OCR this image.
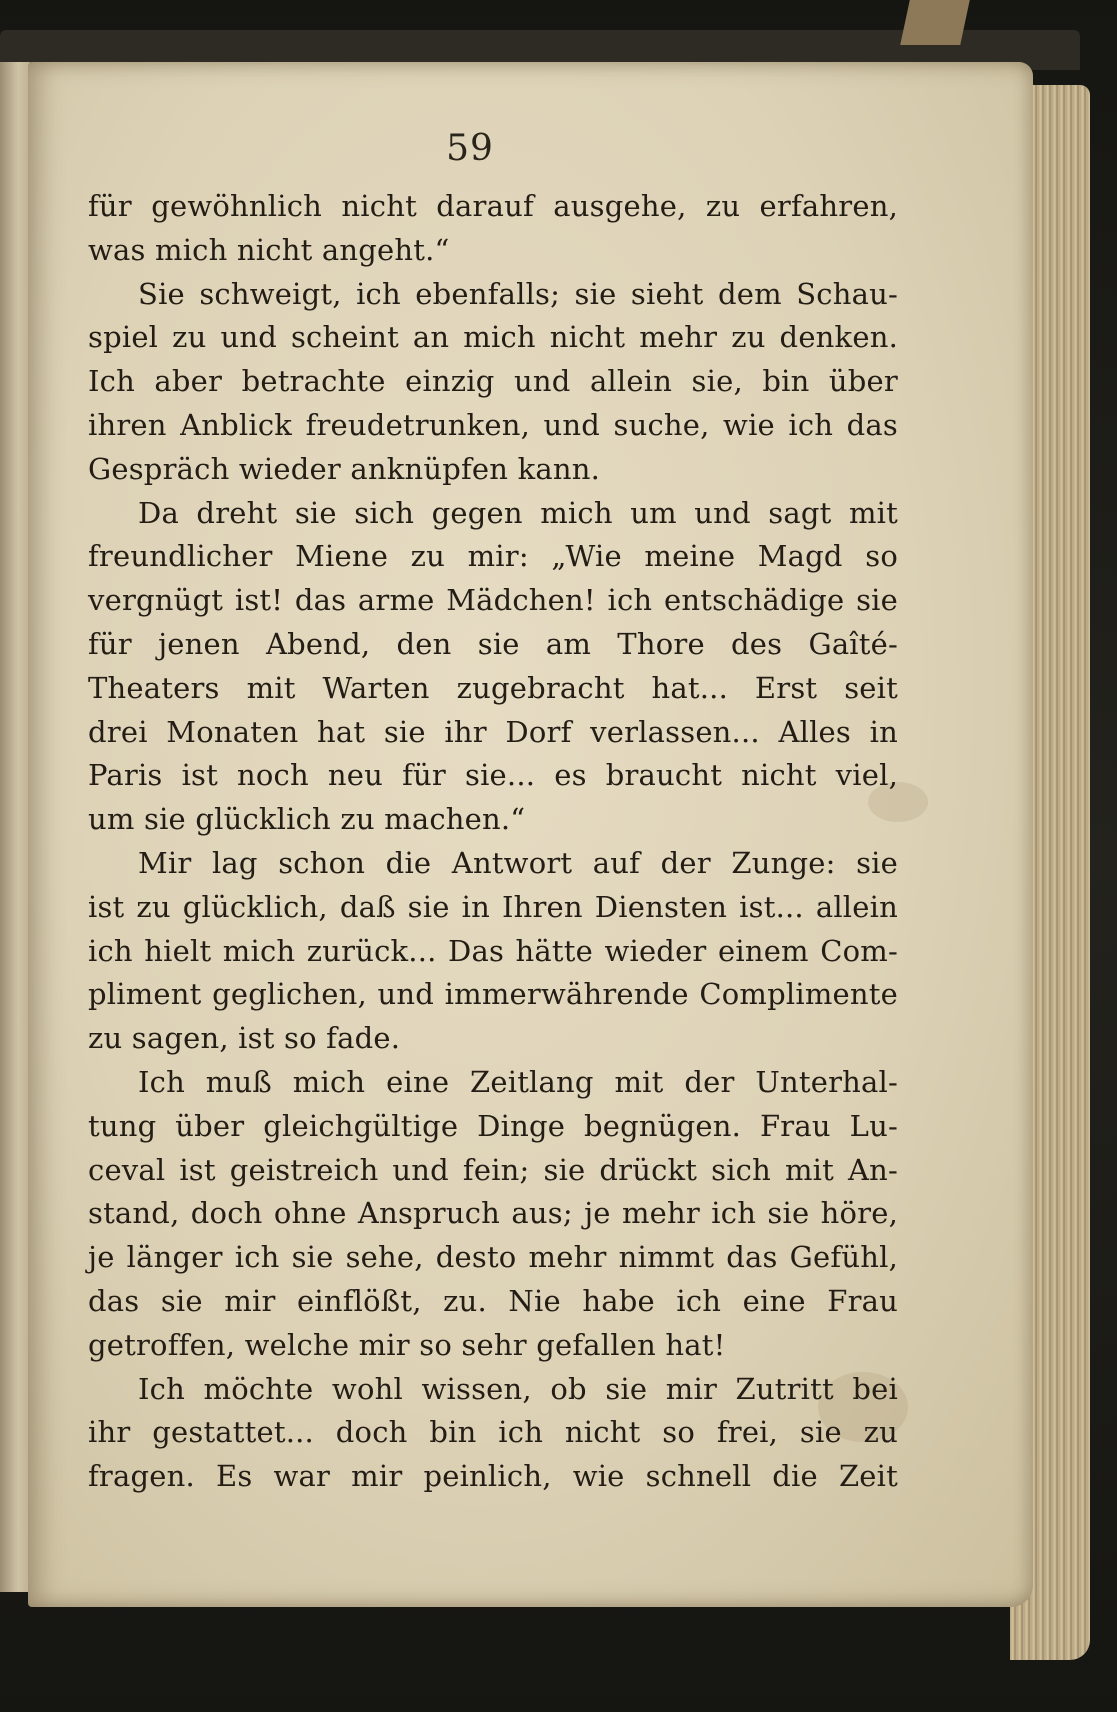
59
für gewöhnlich nicht darauf ausgehe, zu erfahren,
was mich nicht angeht.“
Sie schweigt, ich ebenfalls; sie sieht dem Schau-
spiel zu und scheint an mich nicht mehr zu denken.
Ich aber betrachte einzig und allein sie, bin über
ihren Anblick freudetrunken, und suche, wie ich das
Gespräch wieder anknüpfen kann.
Da dreht sie sich gegen mich um und sagt mit
freundlicher Miene zu mir: „Wie meine Magd so
vergnügt ist! das arme Mädchen! ich entschädige sie
für jenen Abend, den sie am Thore des Gaîté-
Theaters mit Warten zugebracht hat... Erst seit
drei Monaten hat sie ihr Dorf verlassen... Alles in
Paris ist noch neu für sie... es braucht nicht viel,
um sie glücklich zu machen.“
Mir lag schon die Antwort auf der Zunge: sie
ist zu glücklich, daß sie in Ihren Diensten ist... allein
ich hielt mich zurück... Das hätte wieder einem Com-
pliment geglichen, und immerwährende Complimente
zu sagen, ist so fade.
Ich muß mich eine Zeitlang mit der Unterhal-
tung über gleichgültige Dinge begnügen. Frau Lu-
ceval ist geistreich und fein; sie drückt sich mit An-
stand, doch ohne Anspruch aus; je mehr ich sie höre,
je länger ich sie sehe, desto mehr nimmt das Gefühl,
das sie mir einflößt, zu. Nie habe ich eine Frau
getroffen, welche mir so sehr gefallen hat!
Ich möchte wohl wissen, ob sie mir Zutritt bei
ihr gestattet... doch bin ich nicht so frei, sie zu
fragen. Es war mir peinlich, wie schnell die Zeit
